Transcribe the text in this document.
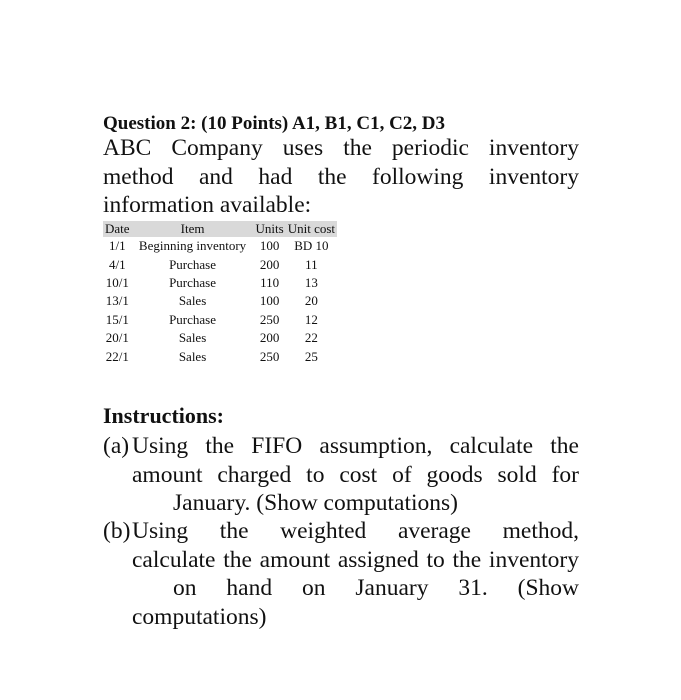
Question 2: (10 Points) A1, B1, C1, C2, D3
ABC Company uses the periodic inventory
method and had the following inventory
information available:
Date	Item	Units	Unit cost
1/1	Beginning inventory	100	BD 10
4/1	Purchase	200	11
10/1	Purchase	110	13
13/1	Sales	100	20
15/1	Purchase	250	12
20/1	Sales	200	22
22/1	Sales	250	25
Instructions:
(a) Using the FIFO assumption, calculate the
amount charged to cost of goods sold for
January. (Show computations)
(b) Using the weighted average method,
calculate the amount assigned to the inventory
on hand on January 31. (Show computations)
